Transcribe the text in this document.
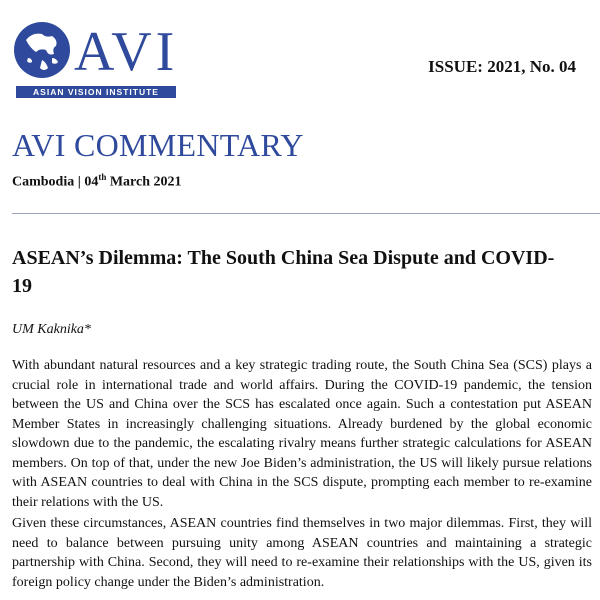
AVI
ASIAN VISION INSTITUTE
ISSUE: 2021, No. 04
AVI COMMENTARY
Cambodia | 04th March 2021
ASEAN’s Dilemma: The South China Sea Dispute and COVID-19
UM Kaknika*

With abundant natural resources and a key strategic trading route, the South China Sea (SCS) plays a crucial role in international trade and world affairs. During the COVID-19 pandemic, the tension between the US and China over the SCS has escalated once again. Such a contestation put ASEAN Member States in increasingly challenging situations. Already burdened by the global economic slowdown due to the pandemic, the escalating rivalry means further strategic calculations for ASEAN members. On top of that, under the new Joe Biden’s administration, the US will likely pursue relations with ASEAN countries to deal with China in the SCS dispute, prompting each member to re-examine their relations with the US.

Given these circumstances, ASEAN countries find themselves in two major dilemmas. First, they will need to balance between pursuing unity among ASEAN countries and maintaining a strategic partnership with China. Second, they will need to re-examine their relationships with the US, given its foreign policy change under the Biden’s administration.
